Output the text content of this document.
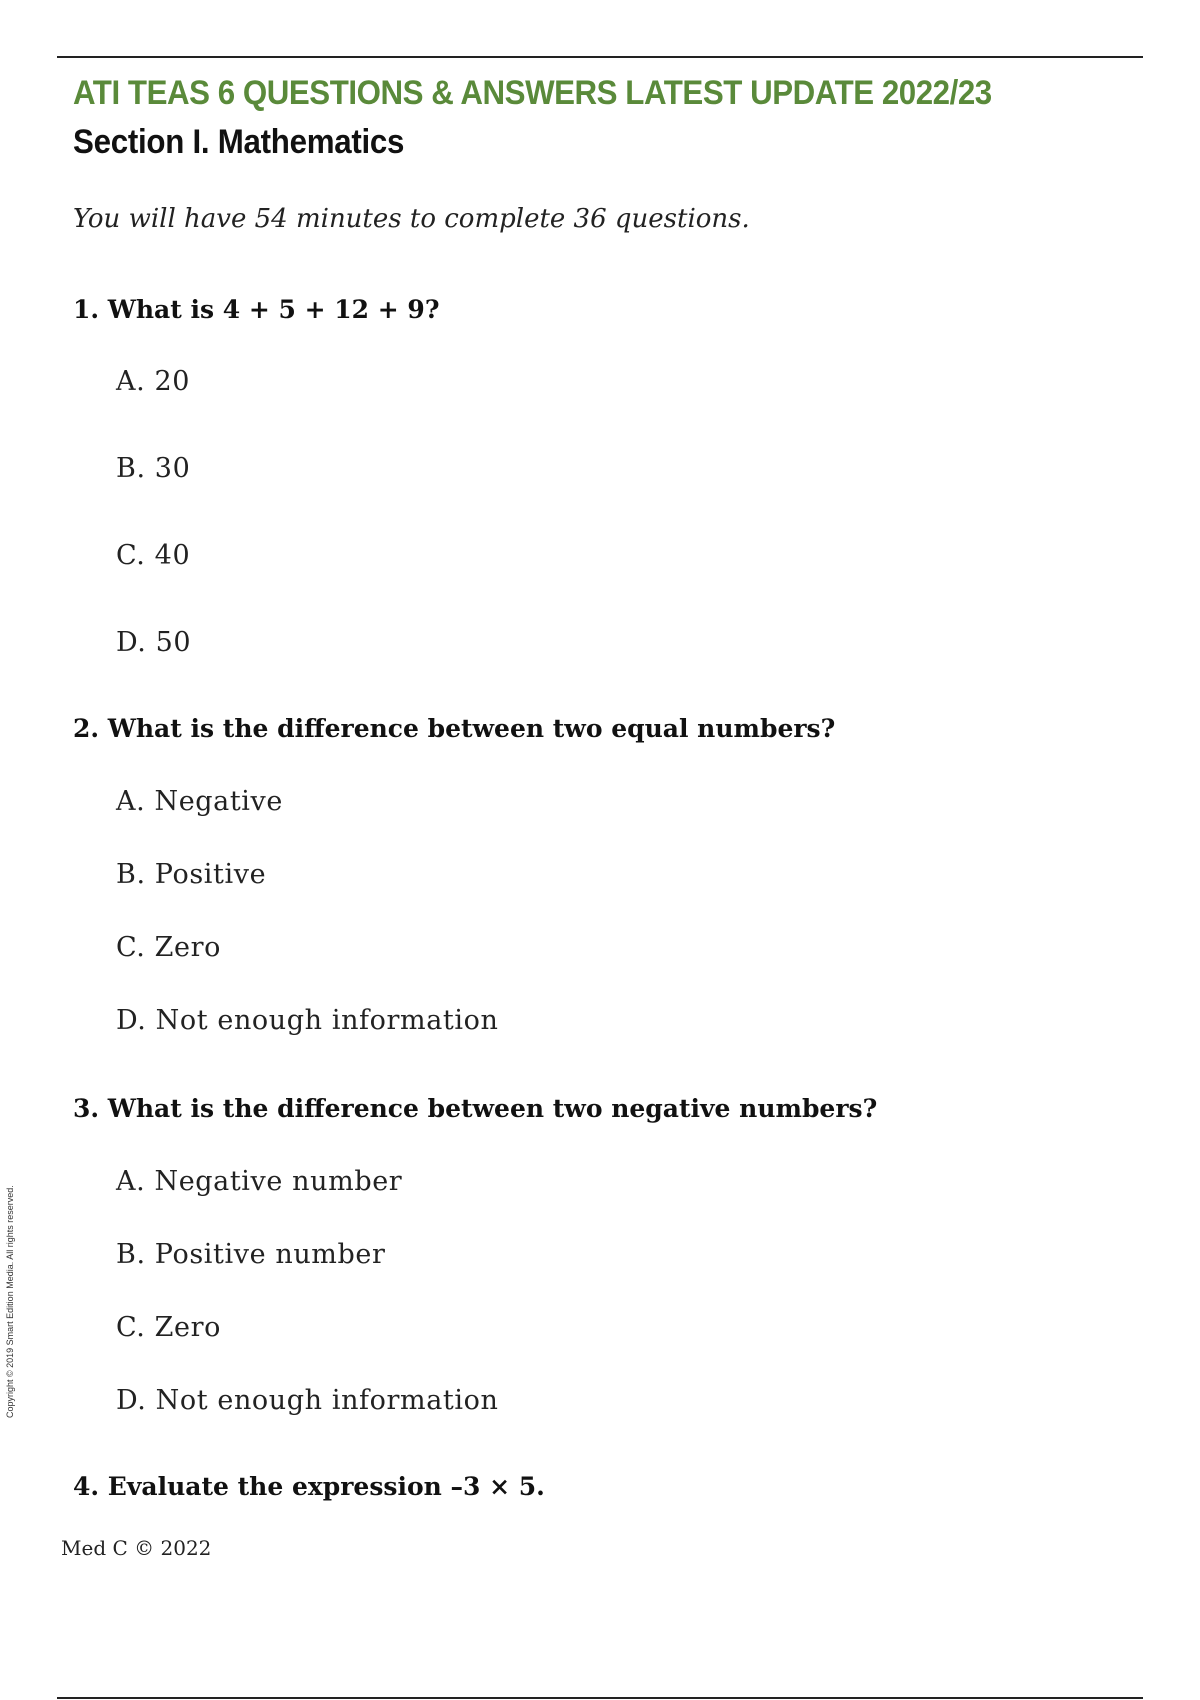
ATI TEAS 6 QUESTIONS & ANSWERS LATEST UPDATE 2022/23
Section I. Mathematics

You will have 54 minutes to complete 36 questions.

1. What is 4 + 5 + 12 + 9?

A. 20

B. 30

C. 40

D. 50

2. What is the difference between two equal numbers?

A. Negative

B. Positive

C. Zero

D. Not enough information

3. What is the difference between two negative numbers?

A. Negative number

B. Positive number

C. Zero

D. Not enough information

4. Evaluate the expression –3 × 5.

Med C © 2022

Copyright © 2019 Smart Edition Media. All rights reserved.
